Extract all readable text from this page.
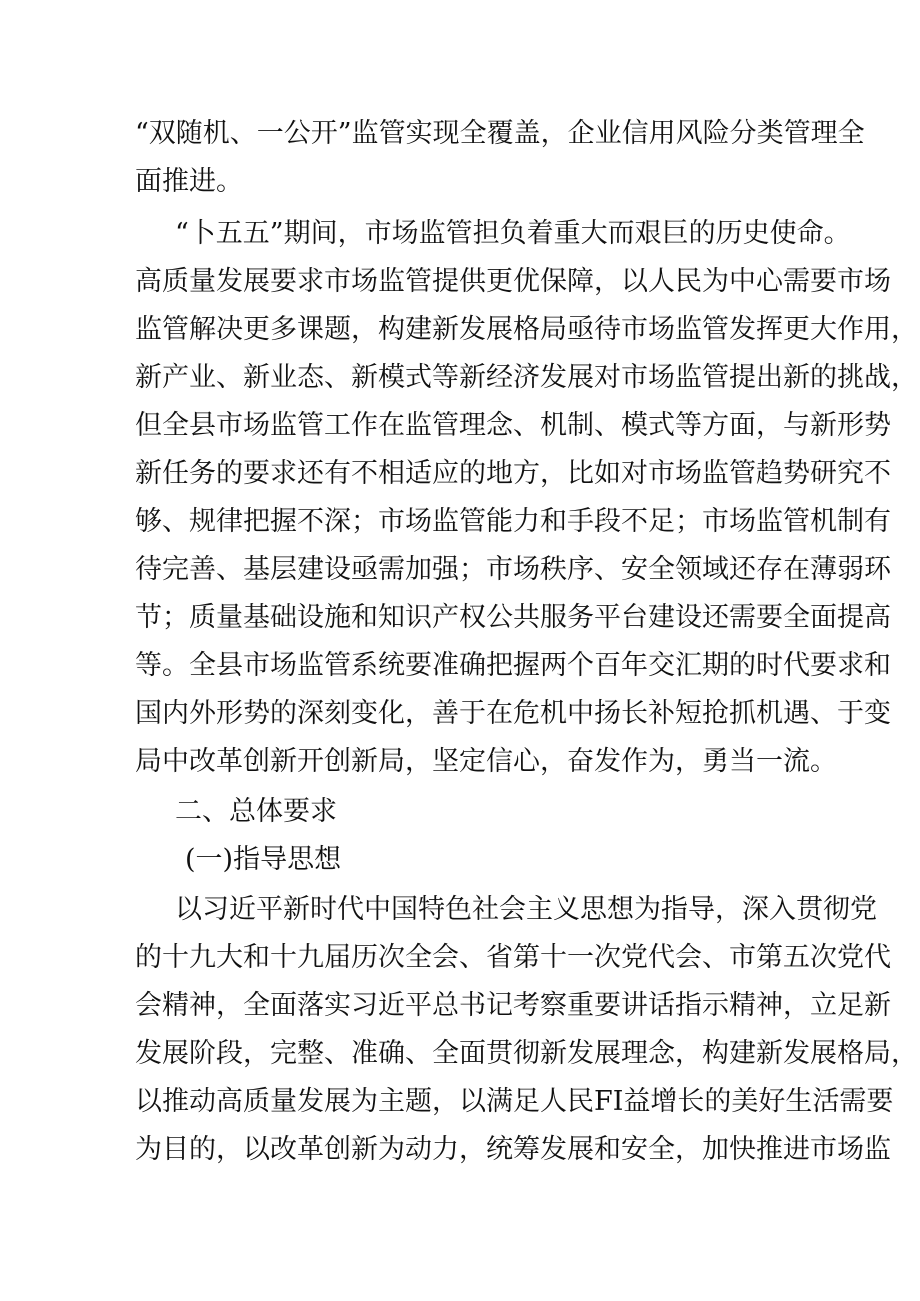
“双随机、一公开”监管实现全覆盖，企业信用风险分类管理全
面推进。
“卜五五”期间，市场监管担负着重大而艰巨的历史使命。
高质量发展要求市场监管提供更优保障，以人民为中心需要市场
监管解决更多课题，构建新发展格局亟待市场监管发挥更大作用，
新产业、新业态、新模式等新经济发展对市场监管提出新的挑战，
但全县市场监管工作在监管理念、机制、模式等方面，与新形势
新任务的要求还有不相适应的地方，比如对市场监管趋势研究不
够、规律把握不深；市场监管能力和手段不足；市场监管机制有
待完善、基层建设亟需加强；市场秩序、安全领域还存在薄弱环
节；质量基础设施和知识产权公共服务平台建设还需要全面提高
等。全县市场监管系统要准确把握两个百年交汇期的时代要求和
国内外形势的深刻变化，善于在危机中扬长补短抢抓机遇、于变
局中改革创新开创新局，坚定信心，奋发作为，勇当一流。
二、总体要求
(一)指导思想
以习近平新时代中国特色社会主义思想为指导，深入贯彻党
的十九大和十九届历次全会、省第十一次党代会、市第五次党代
会精神，全面落实习近平总书记考察重要讲话指示精神，立足新
发展阶段，完整、准确、全面贯彻新发展理念，构建新发展格局，
以推动高质量发展为主题，以满足人民FI益增长的美好生活需要
为目的，以改革创新为动力，统筹发展和安全，加快推进市场监
